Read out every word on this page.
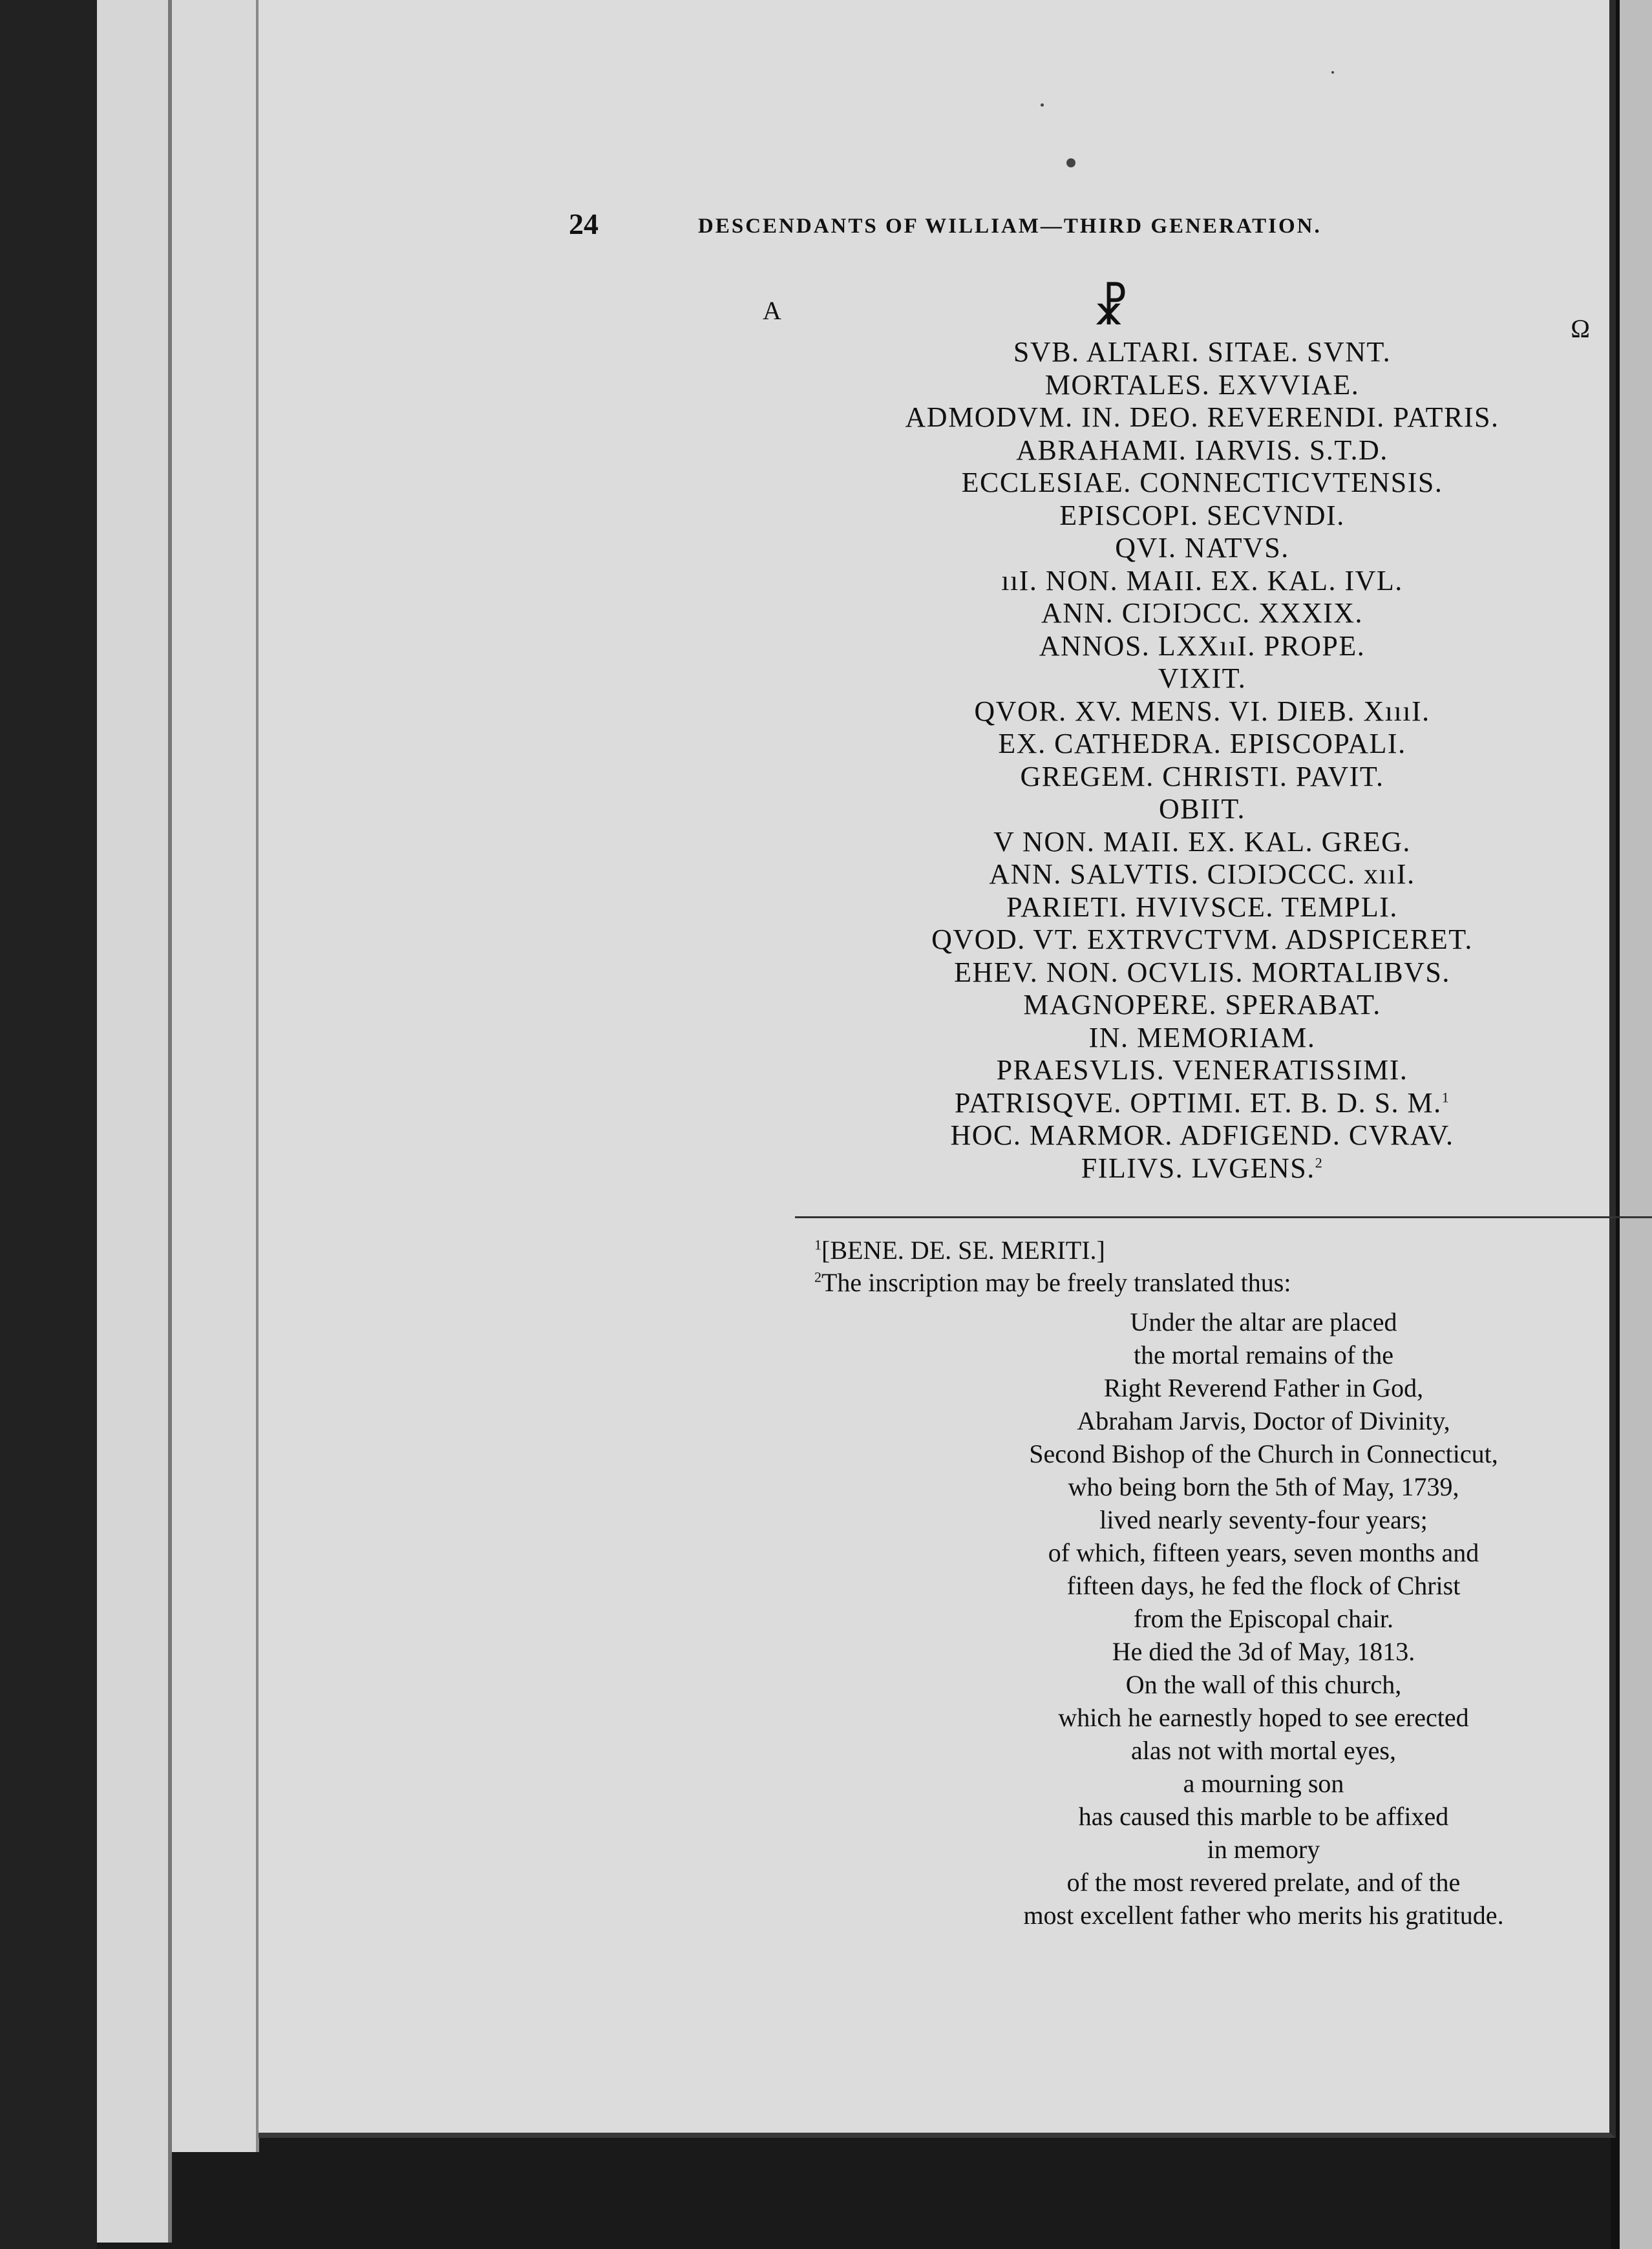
24	DESCENDANTS OF WILLIAM—THIRD GENERATION.
A	☧	Ω
SVB. ALTARI. SITAE. SVNT.
MORTALES. EXVVIAE.
ADMODVM. IN. DEO. REVERENDI. PATRIS.
ABRAHAMI. IARVIS. S.T.D.
ECCLESIAE. CONNECTICVTENSIS.
EPISCOPI. SECVNDI.
QVI. NATVS.
ııI. NON. MAII. EX. KAL. IVL.
ANN. CIƆIƆCC. XXXIX.
ANNOS. LXXııI. PROPE.
VIXIT.
QVOR. XV. MENS. VI. DIEB. XıııI.
EX. CATHEDRA. EPISCOPALI.
GREGEM. CHRISTI. PAVIT.
OBIIT.
V NON. MAII. EX. KAL. GREG.
ANN. SALVTIS. CIƆIƆCCC. xııI.
PARIETI. HVIVSCE. TEMPLI.
QVOD. VT. EXTRVCTVM. ADSPICERET.
EHEV. NON. OCVLIS. MORTALIBVS.
MAGNOPERE. SPERABAT.
IN. MEMORIAM.
PRAESVLIS. VENERATISSIMI.
PATRISQVE. OPTIMI. ET. B. D. S. M.$^1$
HOC. MARMOR. ADFIGEND. CVRAV.
FILIVS. LVGENS.$^2$
$^1$[BENE. DE. SE. MERITI.]
$^2$The inscription may be freely translated thus:
Under the altar are placed
the mortal remains of the
Right Reverend Father in God,
Abraham Jarvis, Doctor of Divinity,
Second Bishop of the Church in Connecticut,
who being born the 5th of May, 1739,
lived nearly seventy-four years;
of which, fifteen years, seven months and
fifteen days, he fed the flock of Christ
from the Episcopal chair.
He died the 3d of May, 1813.
On the wall of this church,
which he earnestly hoped to see erected
alas not with mortal eyes,
a mourning son
has caused this marble to be affixed
in memory
of the most revered prelate, and of the
most excellent father who merits his gratitude.
